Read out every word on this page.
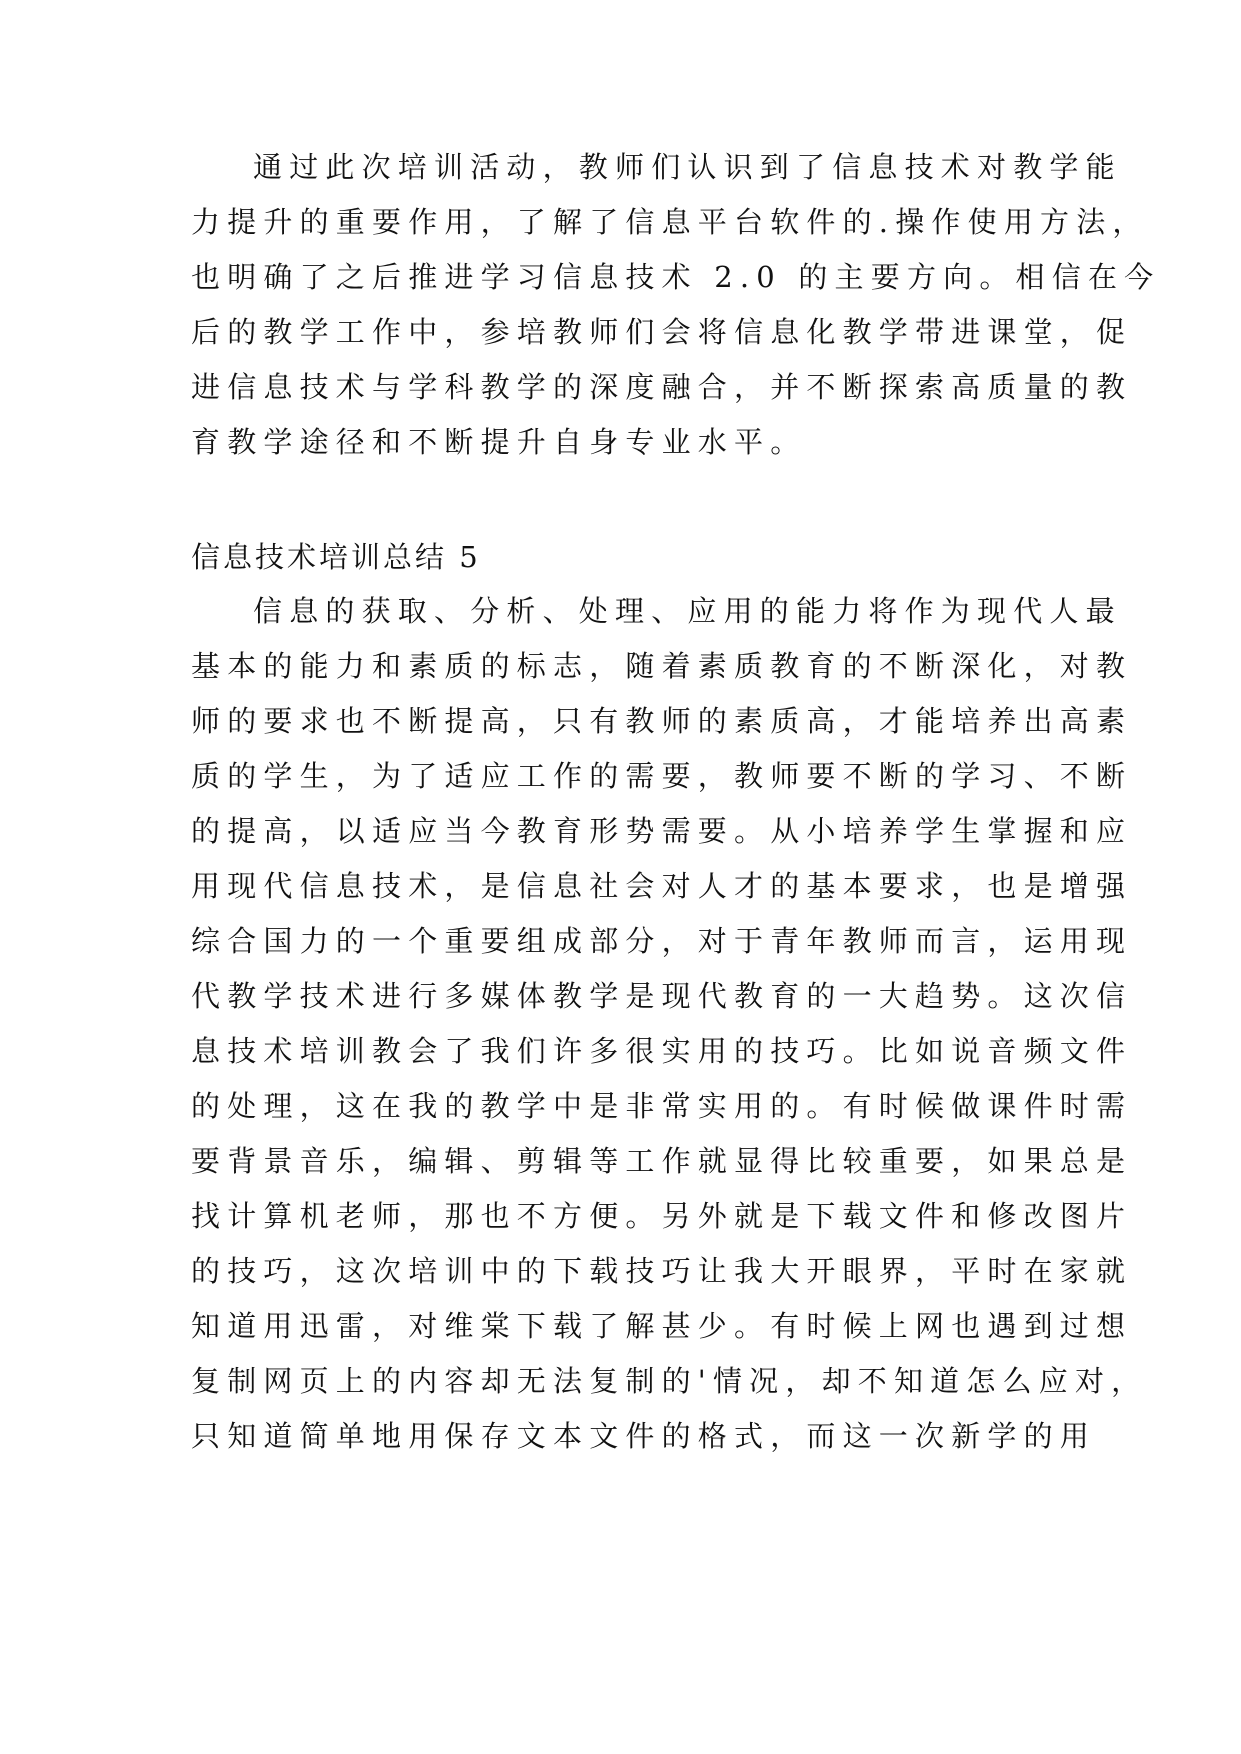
通过此次培训活动，教师们认识到了信息技术对教学能

力提升的重要作用，了解了信息平台软件的.操作使用方法，

也明确了之后推进学习信息技术 2.0 的主要方向。相信在今

后的教学工作中，参培教师们会将信息化教学带进课堂，促

进信息技术与学科教学的深度融合，并不断探索高质量的教

育教学途径和不断提升自身专业水平。

信息技术培训总结 5

信息的获取、分析、处理、应用的能力将作为现代人最

基本的能力和素质的标志，随着素质教育的不断深化，对教

师的要求也不断提高，只有教师的素质高，才能培养出高素

质的学生，为了适应工作的需要，教师要不断的学习、不断

的提高，以适应当今教育形势需要。从小培养学生掌握和应

用现代信息技术，是信息社会对人才的基本要求，也是增强

综合国力的一个重要组成部分，对于青年教师而言，运用现

代教学技术进行多媒体教学是现代教育的一大趋势。这次信

息技术培训教会了我们许多很实用的技巧。比如说音频文件

的处理，这在我的教学中是非常实用的。有时候做课件时需

要背景音乐，编辑、剪辑等工作就显得比较重要，如果总是

找计算机老师，那也不方便。另外就是下载文件和修改图片

的技巧，这次培训中的下载技巧让我大开眼界，平时在家就

知道用迅雷，对维棠下载了解甚少。有时候上网也遇到过想

复制网页上的内容却无法复制的'情况，却不知道怎么应对，

只知道简单地用保存文本文件的格式，而这一次新学的用
